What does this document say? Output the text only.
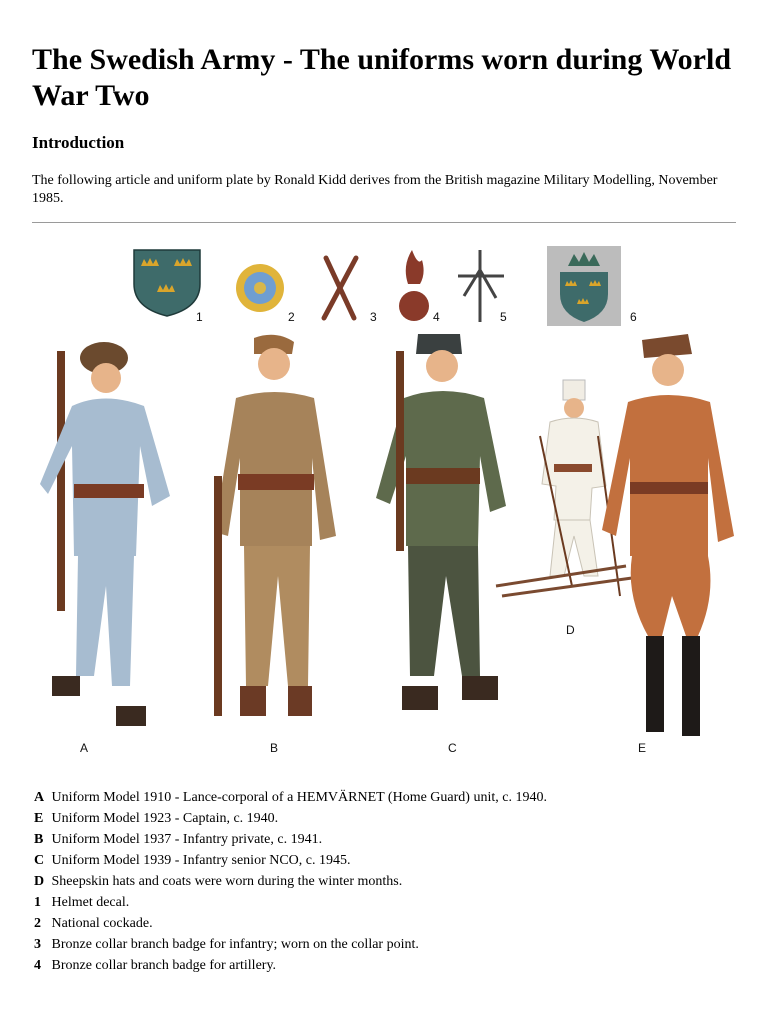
The Swedish Army - The uniforms worn during World War Two
Introduction

The following article and uniform plate by Ronald Kidd derives from the British magazine Military Modelling, November 1985.

1	2	3	4	5	6
A	B	C
D
E
A Uniform Model 1910 - Lance-corporal of a HEMVÄRNET (Home Guard) unit, c. 1940.
E Uniform Model 1923 - Captain, c. 1940.
B Uniform Model 1937 - Infantry private, c. 1941.
C Uniform Model 1939 - Infantry senior NCO, c. 1945.
D Sheepskin hats and coats were worn during the winter months.
1 Helmet decal.
2 National cockade.
3 Bronze collar branch badge for infantry; worn on the collar point.
4 Bronze collar branch badge for artillery.
